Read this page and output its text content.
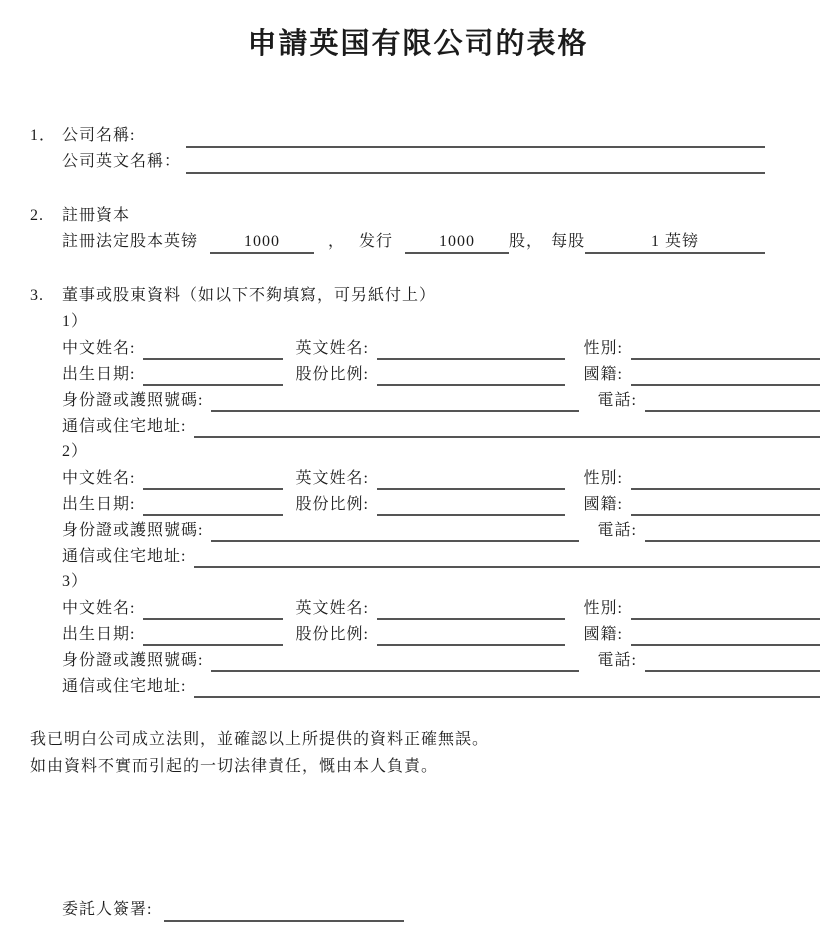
申請英国有限公司的表格
1． 公司名稱:
公司英文名稱：
2.	註冊資本
註冊法定股本英镑	1000	， 发行	1000	股， 每股	1 英镑
3.	董事或股東資料（如以下不夠填寫，可另紙付上）
1）
中文姓名:	英文姓名:	性別:
出生日期:	股份比例:	國籍:
身份證或護照號碼:	電話:
通信或住宅地址:
2）
中文姓名:	英文姓名:	性別:
出生日期:	股份比例:	國籍:
身份證或護照號碼:	電話:
通信或住宅地址:
3）
中文姓名:	英文姓名:	性別:
出生日期:	股份比例:	國籍:
身份證或護照號碼:	電話:
通信或住宅地址:
我已明白公司成立法則，並確認以上所提供的資料正確無誤。
如由資料不實而引起的一切法律責任，慨由本人負責。
委託人簽署:
